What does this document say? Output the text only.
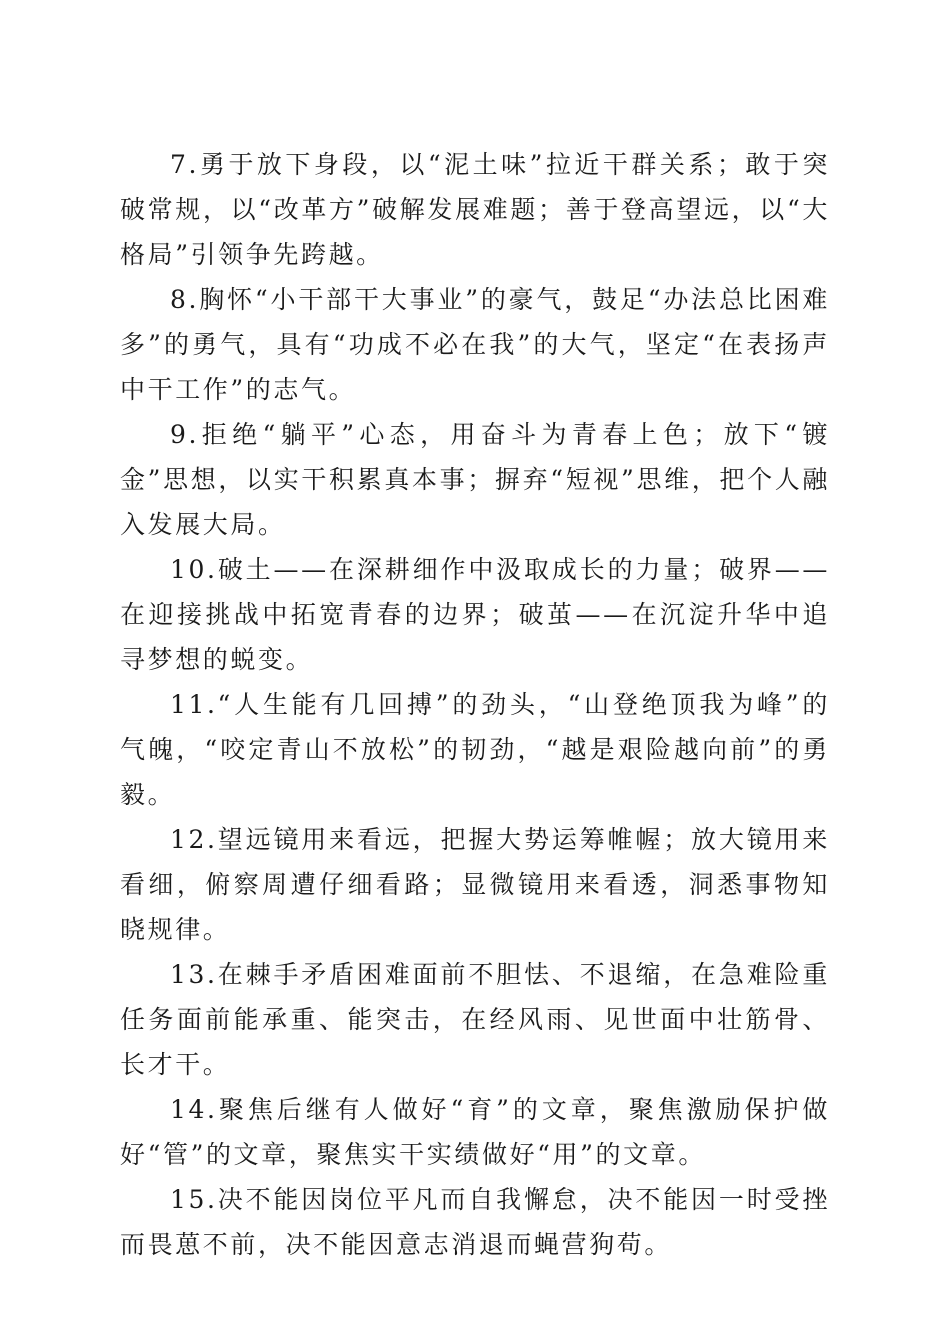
7.勇于放下身段，以“泥土味”拉近干群关系；敢于突破常规，以“改革方”破解发展难题；善于登高望远，以“大格局”引领争先跨越。

8.胸怀“小干部干大事业”的豪气，鼓足“办法总比困难多”的勇气，具有“功成不必在我”的大气，坚定“在表扬声中干工作”的志气。

9.拒绝“躺平”心态，用奋斗为青春上色；放下“镀金”思想，以实干积累真本事；摒弃“短视”思维，把个人融入发展大局。

10.破土——在深耕细作中汲取成长的力量；破界——在迎接挑战中拓宽青春的边界；破茧——在沉淀升华中追寻梦想的蜕变。

11.“人生能有几回搏”的劲头，“山登绝顶我为峰”的气魄，“咬定青山不放松”的韧劲，“越是艰险越向前”的勇毅。

12.望远镜用来看远，把握大势运筹帷幄；放大镜用来看细，俯察周遭仔细看路；显微镜用来看透，洞悉事物知晓规律。

13.在棘手矛盾困难面前不胆怯、不退缩，在急难险重任务面前能承重、能突击，在经风雨、见世面中壮筋骨、长才干。

14.聚焦后继有人做好“育”的文章，聚焦激励保护做好“管”的文章，聚焦实干实绩做好“用”的文章。

15.决不能因岗位平凡而自我懈怠，决不能因一时受挫而畏葸不前，决不能因意志消退而蝇营狗苟。
